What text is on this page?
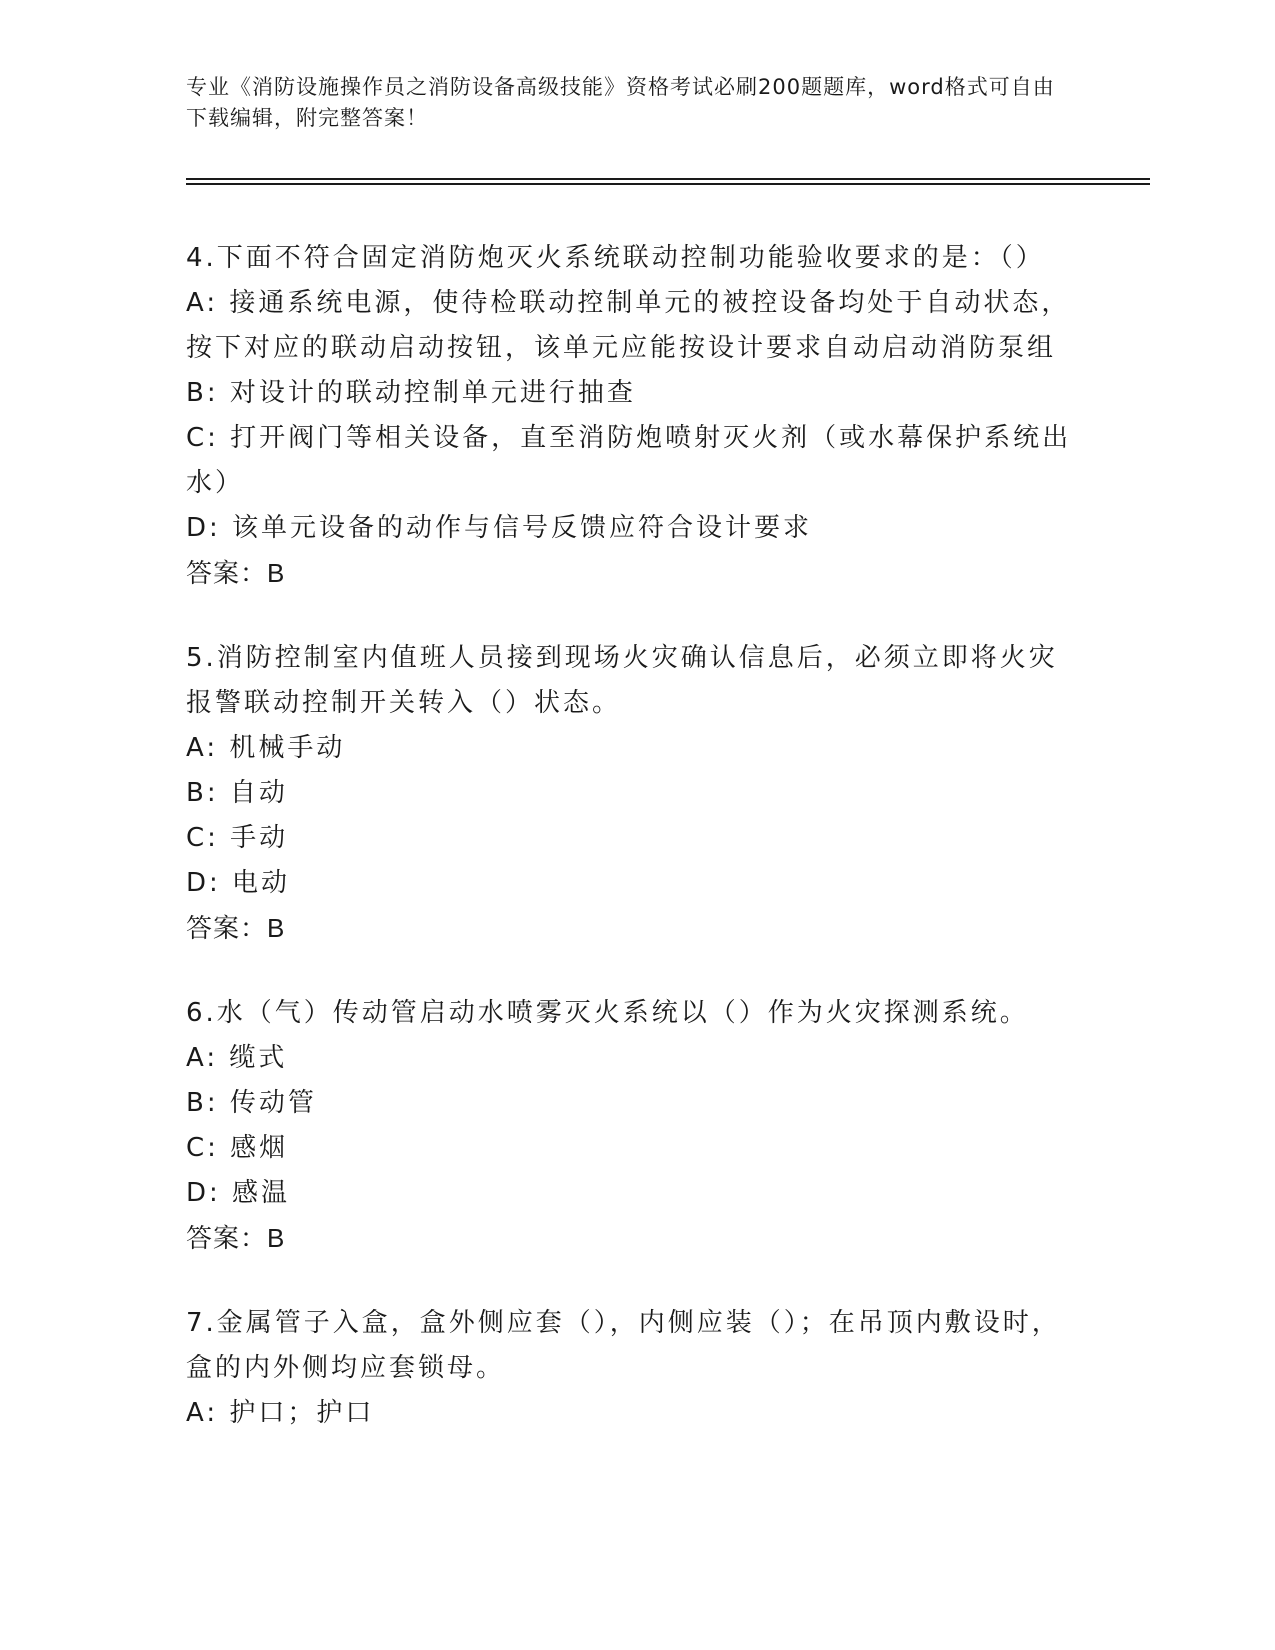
专业《消防设施操作员之消防设备高级技能》资格考试必刷200题题库，word格式可自由下载编辑，附完整答案！

4.下面不符合固定消防炮灭火系统联动控制功能验收要求的是：（）

A: 接通系统电源，使待检联动控制单元的被控设备均处于自动状态，按下对应的联动启动按钮，该单元应能按设计要求自动启动消防泵组

B: 对设计的联动控制单元进行抽查

C: 打开阀门等相关设备，直至消防炮喷射灭火剂（或水幕保护系统出水）

D: 该单元设备的动作与信号反馈应符合设计要求

答案：B

5.消防控制室内值班人员接到现场火灾确认信息后，必须立即将火灾报警联动控制开关转入（）状态。

A: 机械手动

B: 自动

C: 手动

D: 电动

答案：B

6.水（气）传动管启动水喷雾灭火系统以（）作为火灾探测系统。

A: 缆式

B: 传动管

C: 感烟

D: 感温

答案：B

7.金属管子入盒，盒外侧应套（），内侧应装（）；在吊顶内敷设时，盒的内外侧均应套锁母。

A: 护口；护口
